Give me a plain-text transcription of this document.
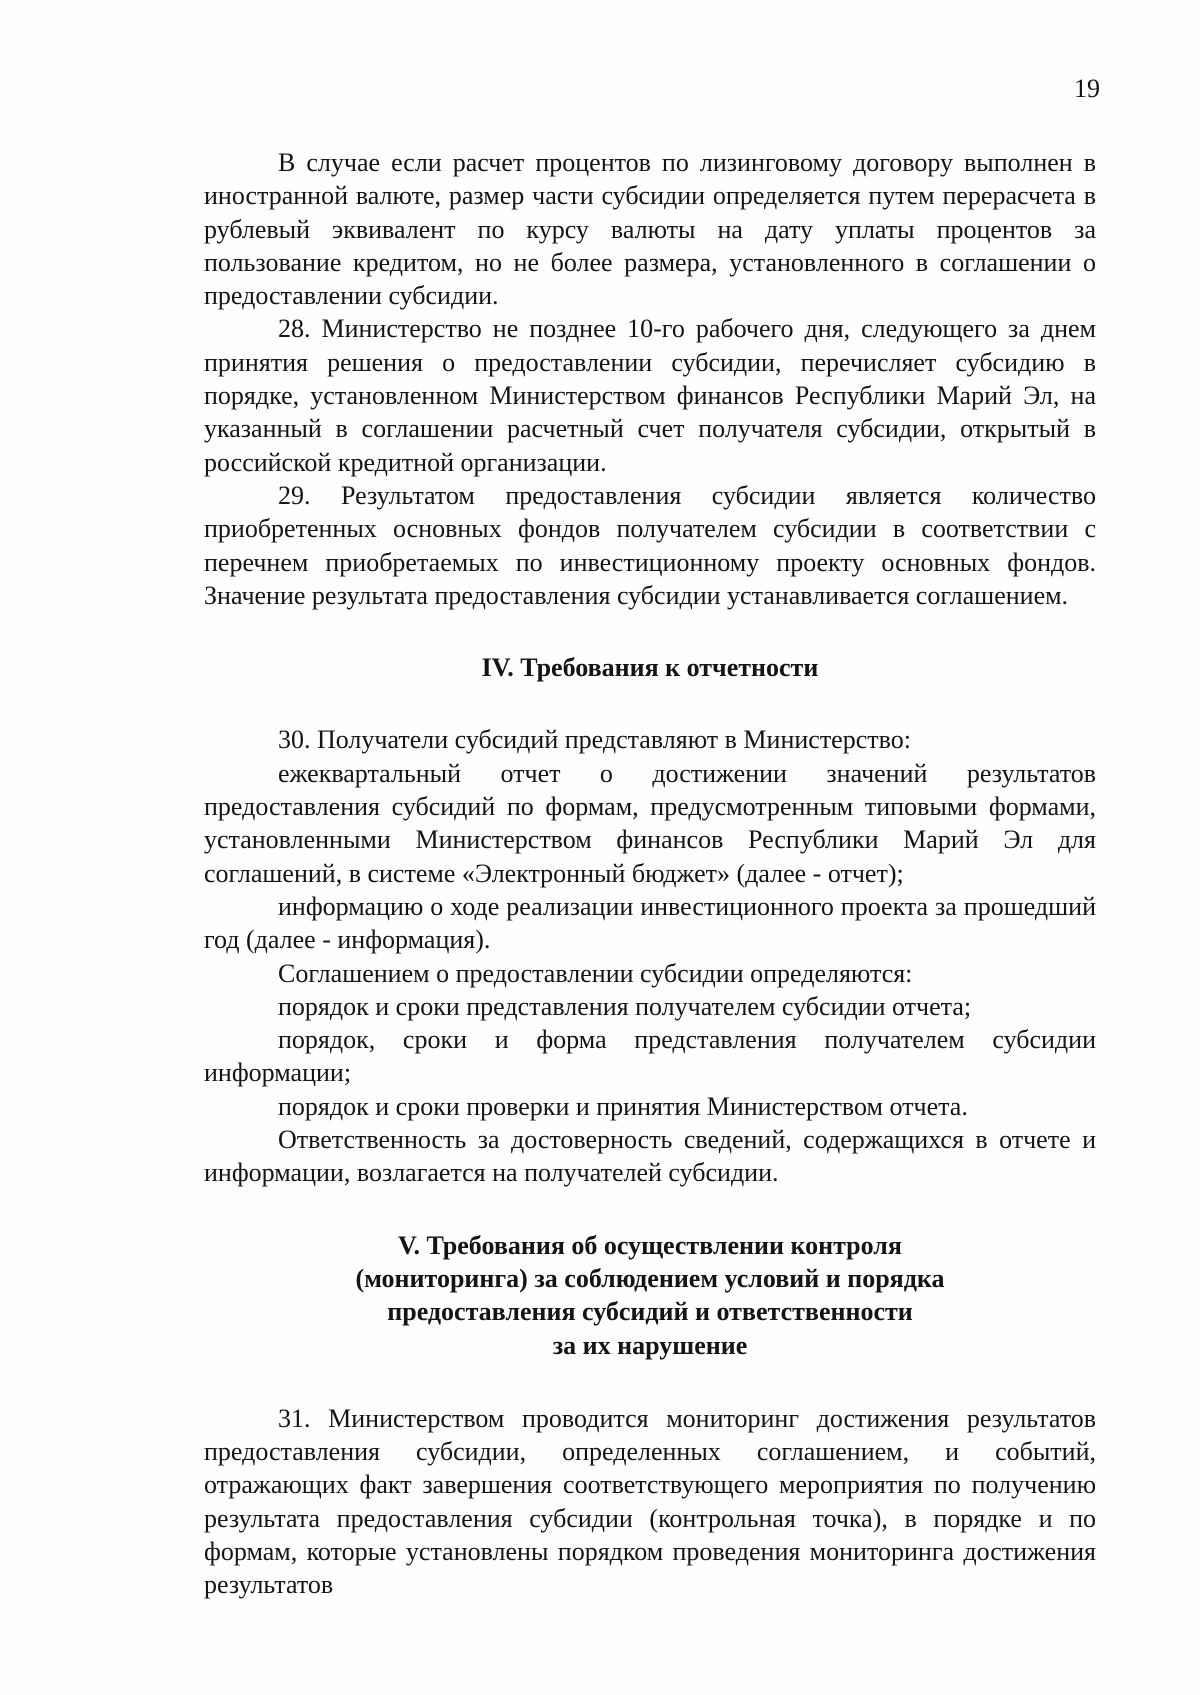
19

В случае если расчет процентов по лизинговому договору выполнен в иностранной валюте, размер части субсидии определяется путем перерасчета в рублевый эквивалент по курсу валюты на дату уплаты процентов за пользование кредитом, но не более размера, установленного в соглашении о предоставлении субсидии.

28. Министерство не позднее 10-го рабочего дня, следующего за днем принятия решения о предоставлении субсидии, перечисляет субсидию в порядке, установленном Министерством финансов Республики Марий Эл, на указанный в соглашении расчетный счет получателя субсидии, открытый в российской кредитной организации.

29. Результатом предоставления субсидии является количество приобретенных основных фондов получателем субсидии в соответствии с перечнем приобретаемых по инвестиционному проекту основных фондов. Значение результата предоставления субсидии устанавливается соглашением.

IV. Требования к отчетности

30. Получатели субсидий представляют в Министерство:

ежеквартальный отчет о достижении значений результатов предоставления субсидий по формам, предусмотренным типовыми формами, установленными Министерством финансов Республики Марий Эл для соглашений, в системе «Электронный бюджет» (далее - отчет);

информацию о ходе реализации инвестиционного проекта за прошедший год (далее - информация).

Соглашением о предоставлении субсидии определяются:

порядок и сроки представления получателем субсидии отчета;

порядок, сроки и форма представления получателем субсидии информации;

порядок и сроки проверки и принятия Министерством отчета.

Ответственность за достоверность сведений, содержащихся в отчете и информации, возлагается на получателей субсидии.

V. Требования об осуществлении контроля
(мониторинга) за соблюдением условий и порядка
предоставления субсидий и ответственности
за их нарушение

31. Министерством проводится мониторинг достижения результатов предоставления субсидии, определенных соглашением, и событий, отражающих факт завершения соответствующего мероприятия по получению результата предоставления субсидии (контрольная точка), в порядке и по формам, которые установлены порядком проведения мониторинга достижения результатов
